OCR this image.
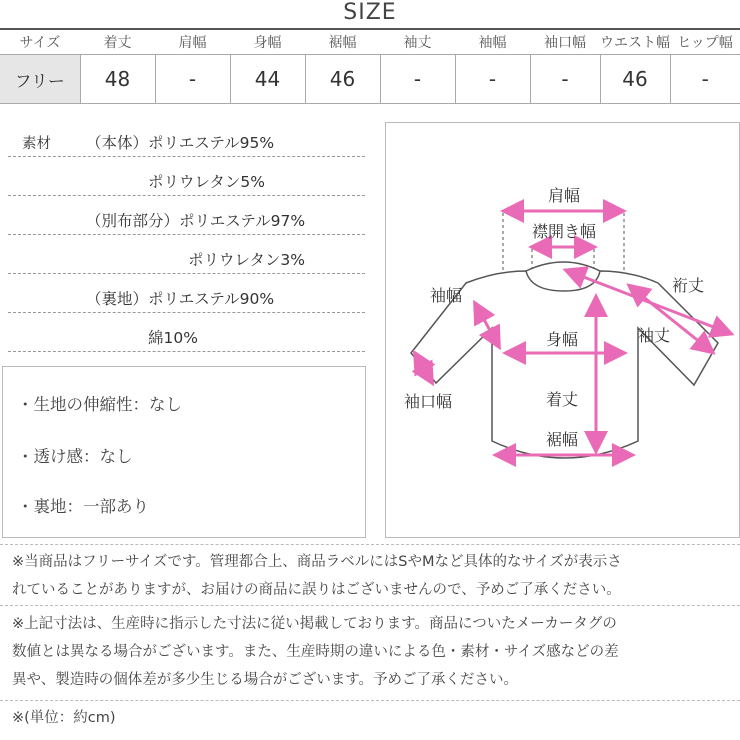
SIZE
サイズ	着丈	肩幅	身幅	裾幅	袖丈	袖幅	袖口幅	ウエスト幅	ヒップ幅
フリー	48	-	44	46	-	-	-	46	-
素材 （本体）ポリエステル95%
ポリウレタン5%
（別布部分）ポリエステル97%
ポリウレタン3%
（裏地）ポリエステル90%
綿10%
・生地の伸縮性：なし
・透け感：なし
・裏地：一部あり
肩幅
襟開き幅
袖幅
裄丈
袖丈
身幅
袖口幅	着丈
裾幅
※当商品はフリーサイズです。管理都合上、商品ラベルにはSやMなど具体的なサイズが表示さ
れていることがありますが、お届けの商品に誤りはございませんので、予めご了承ください。
※上記寸法は、生産時に指示した寸法に従い掲載しております。商品についたメーカータグの
数値とは異なる場合がございます。また、生産時期の違いによる色・素材・サイズ感などの差
異や、製造時の個体差が多少生じる場合がございます。予めご了承ください。
※(単位：約cm)
